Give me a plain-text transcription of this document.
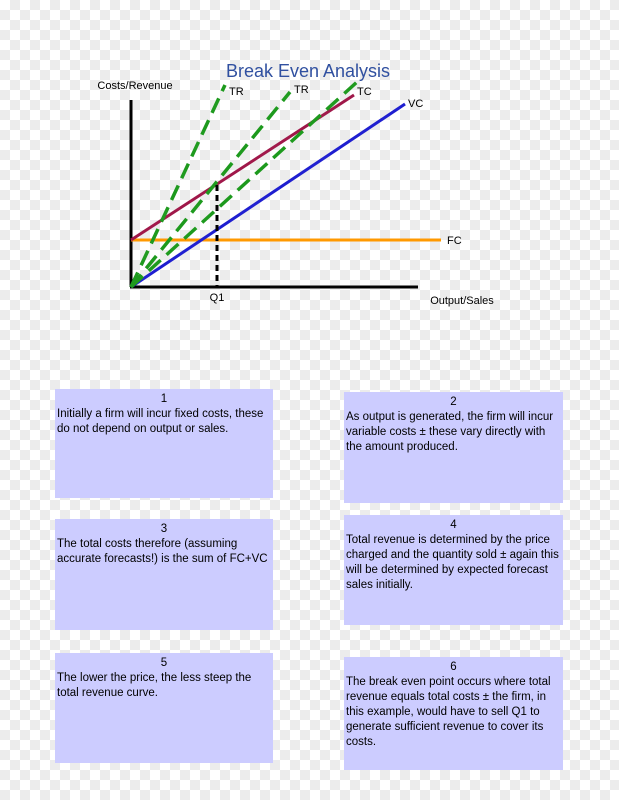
Break Even Analysis
Costs/Revenue
Output/Sales
FC
VC
TC
TR	TR
Q1
1
Initially a firm will incur fixed costs, these do not depend on output or sales.
2
As output is generated, the firm will incur variable costs ± these vary directly with the amount produced.
3
The total costs therefore (assuming accurate forecasts!) is the sum of FC+VC
4
Total revenue is determined by the price charged and the quantity sold ± again this will be determined by expected forecast sales initially.
5
The lower the price, the less steep the total revenue curve.
6
The break even point occurs where total revenue equals total costs ± the firm, in this example, would have to sell Q1 to generate sufficient revenue to cover its costs.
